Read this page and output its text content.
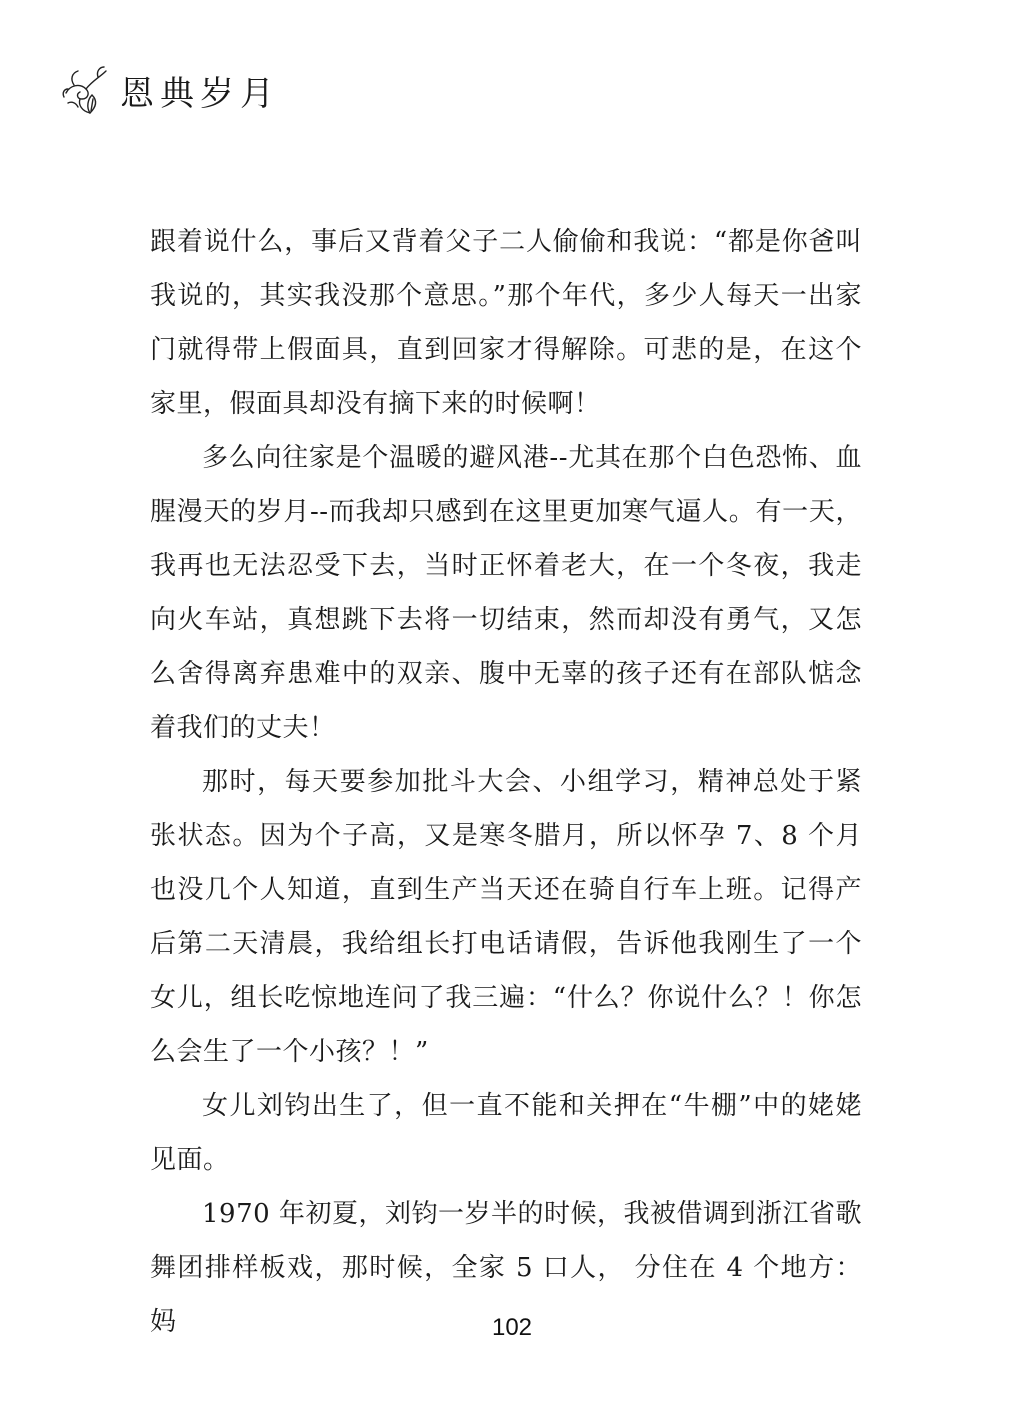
恩典岁月

跟着说什么，事后又背着父子二人偷偷和我说：“都是你爸叫我说的，其实我没那个意思。”那个年代，多少人每天一出家门就得带上假面具，直到回家才得解除。可悲的是，在这个家里，假面具却没有摘下来的时候啊！

多么向往家是个温暖的避风港--尤其在那个白色恐怖、血腥漫天的岁月--而我却只感到在这里更加寒气逼人。有一天，我再也无法忍受下去，当时正怀着老大，在一个冬夜，我走向火车站，真想跳下去将一切结束，然而却没有勇气，又怎么舍得离弃患难中的双亲、腹中无辜的孩子还有在部队惦念着我们的丈夫！

那时，每天要参加批斗大会、小组学习，精神总处于紧张状态。因为个子高，又是寒冬腊月，所以怀孕 7、8 个月也没几个人知道，直到生产当天还在骑自行车上班。记得产后第二天清晨，我给组长打电话请假，告诉他我刚生了一个女儿，组长吃惊地连问了我三遍：“什么？你说什么？！你怎么会生了一个小孩？！”

女儿刘钧出生了，但一直不能和关押在“牛棚”中的姥姥见面。

1970 年初夏，刘钧一岁半的时候，我被借调到浙江省歌舞团排样板戏，那时候，全家 5 口人， 分住在 4 个地方：妈	102
